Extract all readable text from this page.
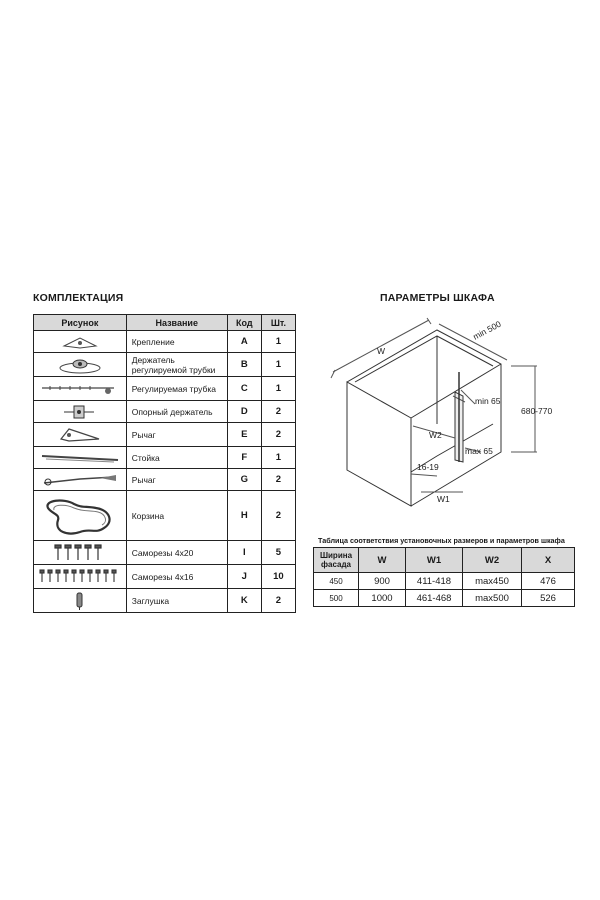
КОМПЛЕКТАЦИЯ	ПАРАМЕТРЫ ШКАФА
Рисунок	Название	Код	Шт.

	Крепление	A	1

	Держатель регулируемой трубки	B	1

	Регулируемая трубка	C	1

	Опорный держатель	D	2

	Рычаг	E	2

	Стойка	F	1

	Рычаг	G	2

	Корзина	H	2

	Саморезы 4х20	I	5

	Саморезы 4х16	J	10

	Заглушка	K	2
W
min 500
min 65
680-770
W2
max 65
16-19
W1
Таблица соответствия установочных размеров и параметров шкафа
Ширина фасада	W	W1	W2	X
450	900	411-418	max450	476
500	1000	461-468	max500	526
